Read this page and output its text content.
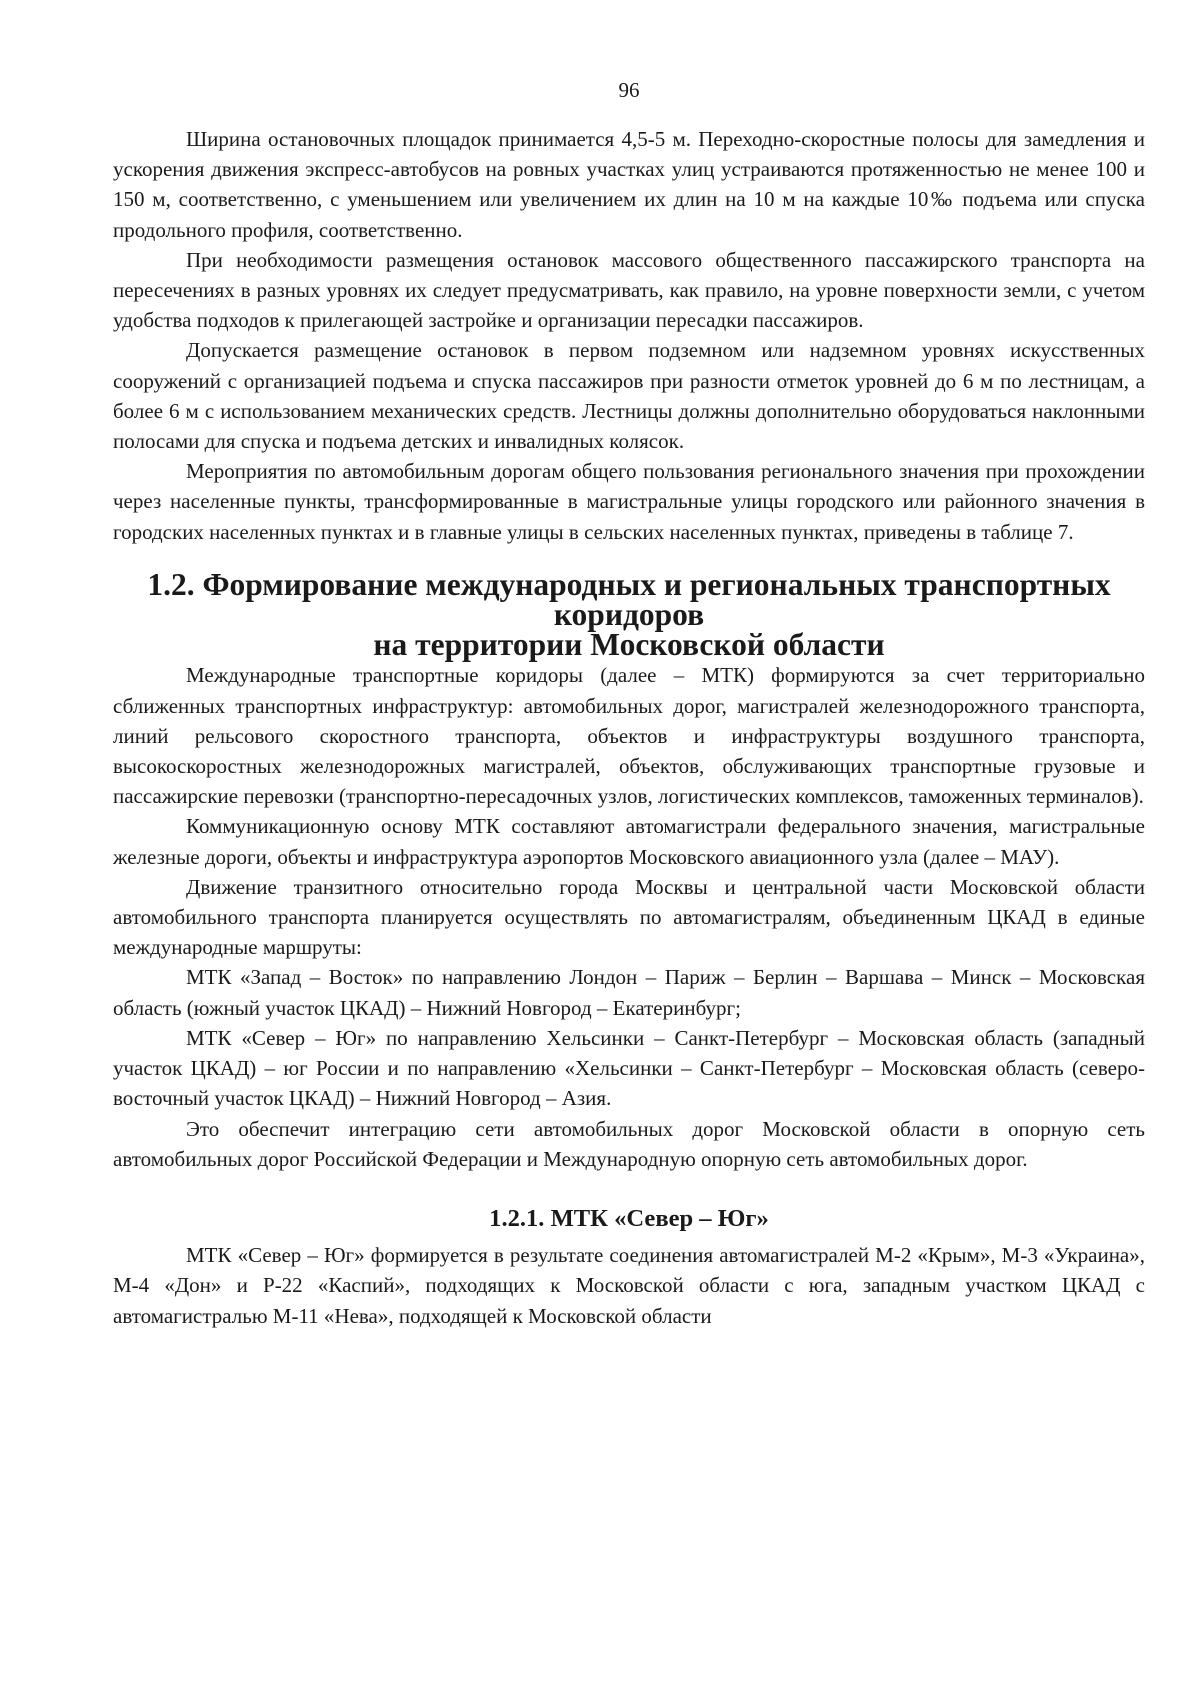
96

Ширина остановочных площадок принимается 4,5-5 м. Переходно-скоростные полосы для замедления и ускорения движения экспресс-автобусов на ровных участках улиц устраиваются протяженностью не менее 100 и 150 м, соответственно, с уменьшением или увеличением их длин на 10 м на каждые 10‰ подъема или спуска продольного профиля, соответственно.

При необходимости размещения остановок массового общественного пассажирского транспорта на пересечениях в разных уровнях их следует предусматривать, как правило, на уровне поверхности земли, с учетом удобства подходов к прилегающей застройке и организации пересадки пассажиров.

Допускается размещение остановок в первом подземном или надземном уровнях искусственных сооружений с организацией подъема и спуска пассажиров при разности отметок уровней до 6 м по лестницам, а более 6 м с использованием механических средств. Лестницы должны дополнительно оборудоваться наклонными полосами для спуска и подъема детских и инвалидных колясок.

Мероприятия по автомобильным дорогам общего пользования регионального значения при прохождении через населенные пункты, трансформированные в магистральные улицы городского или районного значения в городских населенных пунктах и в главные улицы в сельских населенных пунктах, приведены в таблице 7.

1.2. Формирование международных и региональных транспортных коридоров
на территории Московской области

Международные транспортные коридоры (далее – МТК) формируются за счет территориально сближенных транспортных инфраструктур: автомобильных дорог, магистралей железнодорожного транспорта, линий рельсового скоростного транспорта, объектов и инфраструктуры воздушного транспорта, высокоскоростных железнодорожных магистралей, объектов, обслуживающих транспортные грузовые и пассажирские перевозки (транспортно-пересадочных узлов, логистических комплексов, таможенных терминалов).

Коммуникационную основу МТК составляют автомагистрали федерального значения, магистральные железные дороги, объекты и инфраструктура аэропортов Московского авиационного узла (далее – МАУ).

Движение транзитного относительно города Москвы и центральной части Московской области автомобильного транспорта планируется осуществлять по автомагистралям, объединенным ЦКАД в единые международные маршруты:

МТК «Запад – Восток» по направлению Лондон – Париж – Берлин – Варшава – Минск – Московская область (южный участок ЦКАД) – Нижний Новгород – Екатеринбург;

МТК «Север – Юг» по направлению Хельсинки – Санкт-Петербург – Московская область (западный участок ЦКАД) – юг России и по направлению «Хельсинки – Санкт-Петербург – Московская область (северо-восточный участок ЦКАД) – Нижний Новгород – Азия.

Это обеспечит интеграцию сети автомобильных дорог Московской области в опорную сеть автомобильных дорог Российской Федерации и Международную опорную сеть автомобильных дорог.

1.2.1. МТК «Север – Юг»

МТК «Север – Юг» формируется в результате соединения автомагистралей М-2 «Крым», М-3 «Украина», М-4 «Дон» и Р-22 «Каспий», подходящих к Московской области с юга, западным участком ЦКАД с автомагистралью М-11 «Нева», подходящей к Московской области
